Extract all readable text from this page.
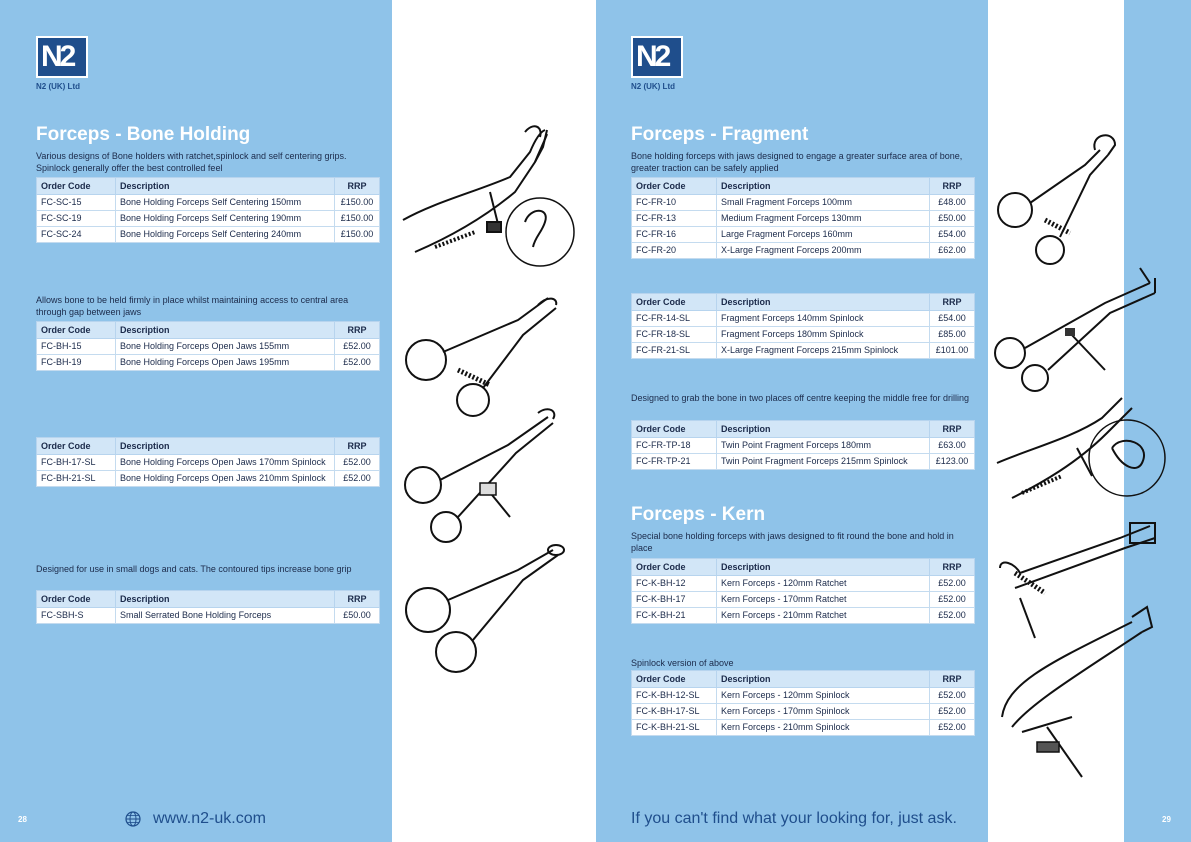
N2
N2 (UK) Ltd
Forceps - Bone Holding
Various designs of Bone holders with ratchet,spinlock and self centering grips. Spinlock generally offer the best controlled feel
Order Code	Description	RRP
FC-SC-15	Bone Holding Forceps Self Centering 150mm	£150.00
FC-SC-19	Bone Holding Forceps Self Centering 190mm	£150.00
FC-SC-24	Bone Holding Forceps Self Centering 240mm	£150.00
Allows bone to be held firmly in place whilst maintaining access to central area through gap between jaws
Order Code	Description	RRP
FC-BH-15	Bone Holding Forceps Open Jaws 155mm	£52.00
FC-BH-19	Bone Holding Forceps Open Jaws 195mm	£52.00
Order Code	Description	RRP
FC-BH-17-SL	Bone Holding Forceps Open Jaws 170mm Spinlock	£52.00
FC-BH-21-SL	Bone Holding Forceps Open Jaws 210mm Spinlock	£52.00
Designed for use in small dogs and cats. The contoured tips increase bone grip
Order Code	Description	RRP
FC-SBH-S	Small Serrated Bone Holding Forceps	£50.00
28	www.n2-uk.com
N2
N2 (UK) Ltd
Forceps - Fragment
Bone holding forceps with jaws designed to engage a greater surface area of bone, greater traction can be safely applied
Order Code	Description	RRP
FC-FR-10	Small Fragment Forceps 100mm	£48.00
FC-FR-13	Medium Fragment Forceps 130mm	£50.00
FC-FR-16	Large Fragment Forceps 160mm	£54.00
FC-FR-20	X-Large Fragment Forceps 200mm	£62.00
Order Code	Description	RRP
FC-FR-14-SL	Fragment Forceps 140mm Spinlock	£54.00
FC-FR-18-SL	Fragment Forceps 180mm Spinlock	£85.00
FC-FR-21-SL	X-Large Fragment Forceps 215mm Spinlock	£101.00
Designed to grab the bone in two places off centre keeping the middle free for drilling
Order Code	Description	RRP
FC-FR-TP-18	Twin Point Fragment Forceps 180mm	£63.00
FC-FR-TP-21	Twin Point Fragment Forceps 215mm Spinlock	£123.00
Forceps - Kern
Special bone holding forceps with jaws designed to fit round the bone and hold in place
Order Code	Description	RRP
FC-K-BH-12	Kern Forceps - 120mm Ratchet	£52.00
FC-K-BH-17	Kern Forceps - 170mm Ratchet	£52.00
FC-K-BH-21	Kern Forceps - 210mm Ratchet	£52.00
Spinlock version of above
Order Code	Description	RRP
FC-K-BH-12-SL	Kern Forceps - 120mm Spinlock	£52.00
FC-K-BH-17-SL	Kern Forceps - 170mm Spinlock	£52.00
FC-K-BH-21-SL	Kern Forceps - 210mm Spinlock	£52.00
If you can't find what your looking for, just ask.	29
